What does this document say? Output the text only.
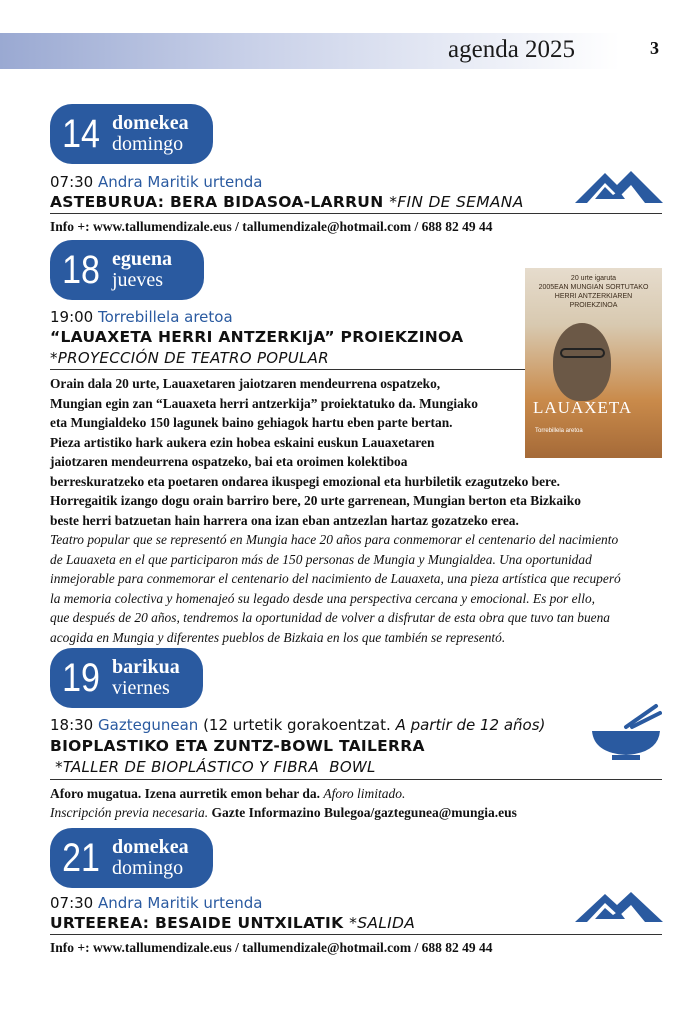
agenda 2025	3
14 domekea
domingo
07:30 Andra Maritik urtenda
ASTEBURUA: BERA BIDASOA-LARRUN *FIN DE SEMANA
Info +: www.tallumendizale.eus / tallumendizale@hotmail.com / 688 82 49 44
18 eguena
jueves
19:00 Torrebillela aretoa
“LAUAXETA HERRI ANTZERKIjA” PROIEKZINOA
*PROYECCIÓN DE TEATRO POPULAR
20 urte igaruta
2005EAN MUNGIAN SORTUTAKO
HERRI ANTZERKIAREN
PROIEKZINOA
LAUAXETA
Torrebillela aretoa
Orain dala 20 urte, Lauaxetaren jaiotzaren mendeurrena ospatzeko,
Mungian egin zan “Lauaxeta herri antzerkija” proiektatuko da. Mungiako
eta Mungialdeko 150 lagunek baino gehiagok hartu eben parte bertan.
Pieza artistiko hark aukera ezin hobea eskaini euskun Lauaxetaren
jaiotzaren mendeurrena ospatzeko, bai eta oroimen kolektiboa
berreskuratzeko eta poetaren ondarea ikuspegi emozional eta hurbiletik ezagutzeko bere.
Horregaitik izango dogu orain barriro bere, 20 urte garrenean, Mungian berton eta Bizkaiko
beste herri batzuetan hain harrera ona izan eban antzezlan hartaz gozatzeko erea.
Teatro popular que se representó en Mungia hace 20 años para conmemorar el centenario del nacimiento
de Lauaxeta en el que participaron más de 150 personas de Mungia y Mungialdea. Una oportunidad
inmejorable para conmemorar el centenario del nacimiento de Lauaxeta, una pieza artística que recuperó
la memoria colectiva y homenajeó su legado desde una perspectiva cercana y emocional. Es por ello,
que después de 20 años, tendremos la oportunidad de volver a disfrutar de esta obra que tuvo tan buena
acogida en Mungia y diferentes pueblos de Bizkaia en los que también se representó.
19 barikua
viernes
18:30 Gaztegunean (12 urtetik gorakoentzat. A partir de 12 años)
BIOPLASTIKO ETA ZUNTZ-BOWL TAILERRA
*TALLER DE BIOPLÁSTICO Y FIBRA  BOWL
Aforo mugatua. Izena aurretik emon behar da. Aforo limitado.
Inscripción previa necesaria. Gazte Informazino Bulegoa/gaztegunea@mungia.eus
21 domekea
domingo
07:30 Andra Maritik urtenda
URTEEREA: BESAIDE UNTXILATIK *SALIDA
Info +: www.tallumendizale.eus / tallumendizale@hotmail.com / 688 82 49 44
